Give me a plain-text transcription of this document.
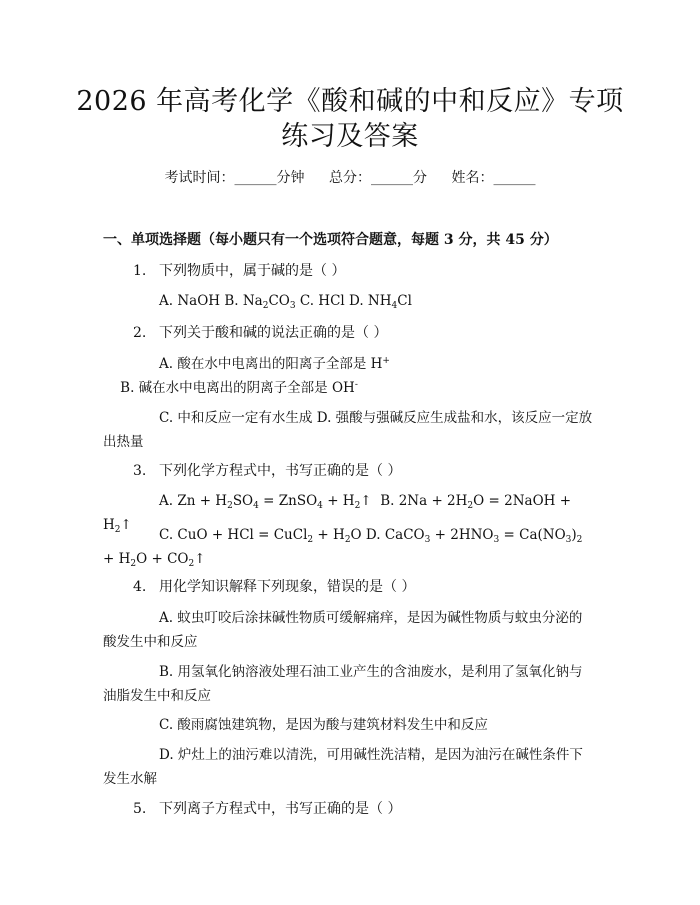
2026 年高考化学《酸和碱的中和反应》专项
练习及答案
考试时间：______分钟 总分：______分 姓名：______
一、单项选择题（每小题只有一个选项符合题意，每题 3 分，共 45 分）
1. 下列物质中，属于碱的是（ ）
A. NaOH B. $Na_2CO_3$ C. HCl D. $NH_4Cl$
2. 下列关于酸和碱的说法正确的是（ ）
A. 酸在水中电离出的阳离子全部是 H+    B. 碱在水中电离出的阴离子全部是 OH-
C. 中和反应一定有水生成 D. 强酸与强碱反应生成盐和水，该反应一定放出热量
3. 下列化学方程式中，书写正确的是（ ）
A. $Zn + H_2SO_4$ = ZnSO$_4$ + $H_2↑$  B. $2Na + 2H_2O$ = 2NaOH + $H_2↑$
C. CuO + HCl = CuCl$_2$ + $H_2O$ D. CaCO$_3$ + $2HNO_3 = Ca(NO_3)_2 + H_2O$ + $CO_2↑$
4. 用化学知识解释下列现象，错误的是（ ）
A. 蚊虫叮咬后涂抹碱性物质可缓解痛痒，是因为碱性物质与蚊虫分泌的酸发生中和反应
B. 用氢氧化钠溶液处理石油工业产生的含油废水，是利用了氢氧化钠与油脂发生中和反应
C. 酸雨腐蚀建筑物，是因为酸与建筑材料发生中和反应
D. 炉灶上的油污难以清洗，可用碱性洗洁精，是因为油污在碱性条件下发生水解
5. 下列离子方程式中，书写正确的是（ ）
